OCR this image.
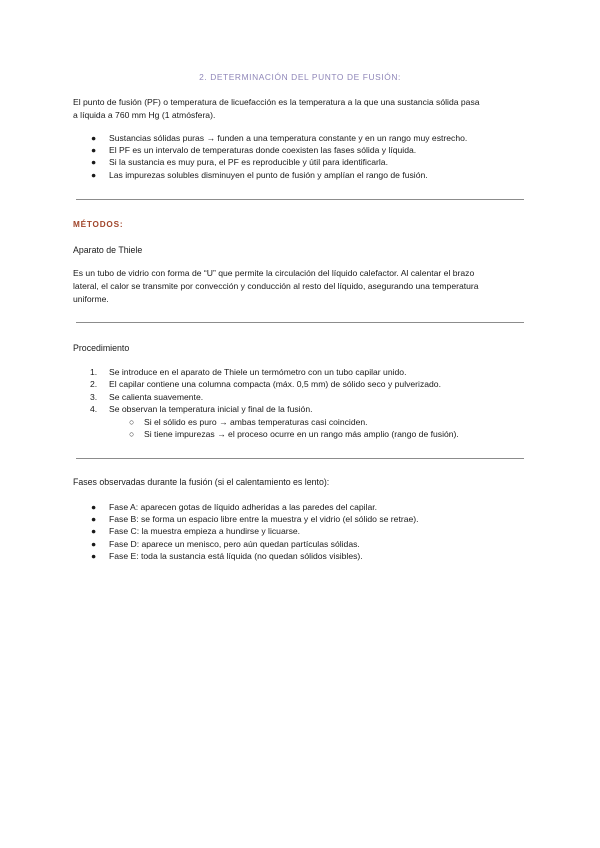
2. DETERMINACIÓN DEL PUNTO DE FUSIÓN:
El punto de fusión (PF) o temperatura de licuefacción es la temperatura a la que una sustancia sólida pasa
a líquida a 760 mm Hg (1 atmósfera).
● Sustancias sólidas puras → funden a una temperatura constante y en un rango muy estrecho.
● El PF es un intervalo de temperaturas donde coexisten las fases sólida y líquida.
● Si la sustancia es muy pura, el PF es reproducible y útil para identificarla.
● Las impurezas solubles disminuyen el punto de fusión y amplían el rango de fusión.
MÉTODOS:
Aparato de Thiele
Es un tubo de vidrio con forma de “U” que permite la circulación del líquido calefactor. Al calentar el brazo
lateral, el calor se transmite por convección y conducción al resto del líquido, asegurando una temperatura
uniforme.
Procedimiento
1. Se introduce en el aparato de Thiele un termómetro con un tubo capilar unido.
2. El capilar contiene una columna compacta (máx. 0,5 mm) de sólido seco y pulverizado.
3. Se calienta suavemente.
4. Se observan la temperatura inicial y final de la fusión.
○ Si el sólido es puro → ambas temperaturas casi coinciden.
○ Si tiene impurezas → el proceso ocurre en un rango más amplio (rango de fusión).
Fases observadas durante la fusión (si el calentamiento es lento):
● Fase A: aparecen gotas de líquido adheridas a las paredes del capilar.
● Fase B: se forma un espacio libre entre la muestra y el vidrio (el sólido se retrae).
● Fase C: la muestra empieza a hundirse y licuarse.
● Fase D: aparece un menisco, pero aún quedan partículas sólidas.
● Fase E: toda la sustancia está líquida (no quedan sólidos visibles).
